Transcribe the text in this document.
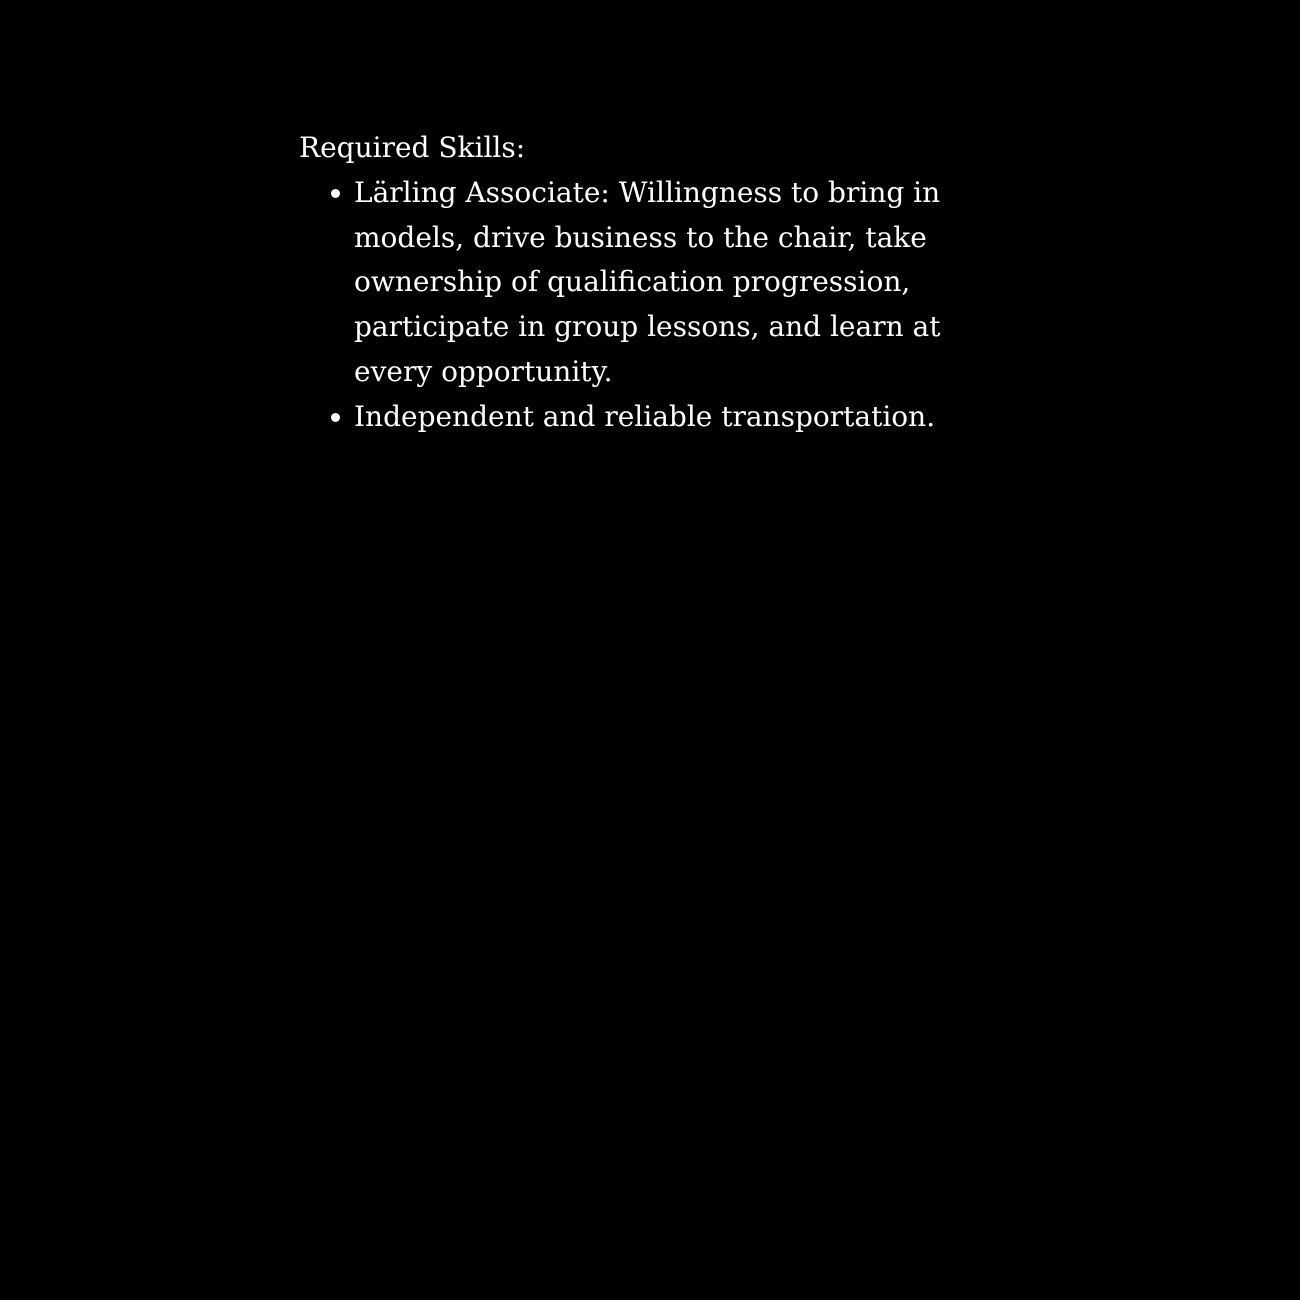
Required Skills:

Lärling Associate: Willingness to bring in models, drive business to the chair, take ownership of qualification progression, participate in group lessons, and learn at every opportunity.
Independent and reliable transportation.
